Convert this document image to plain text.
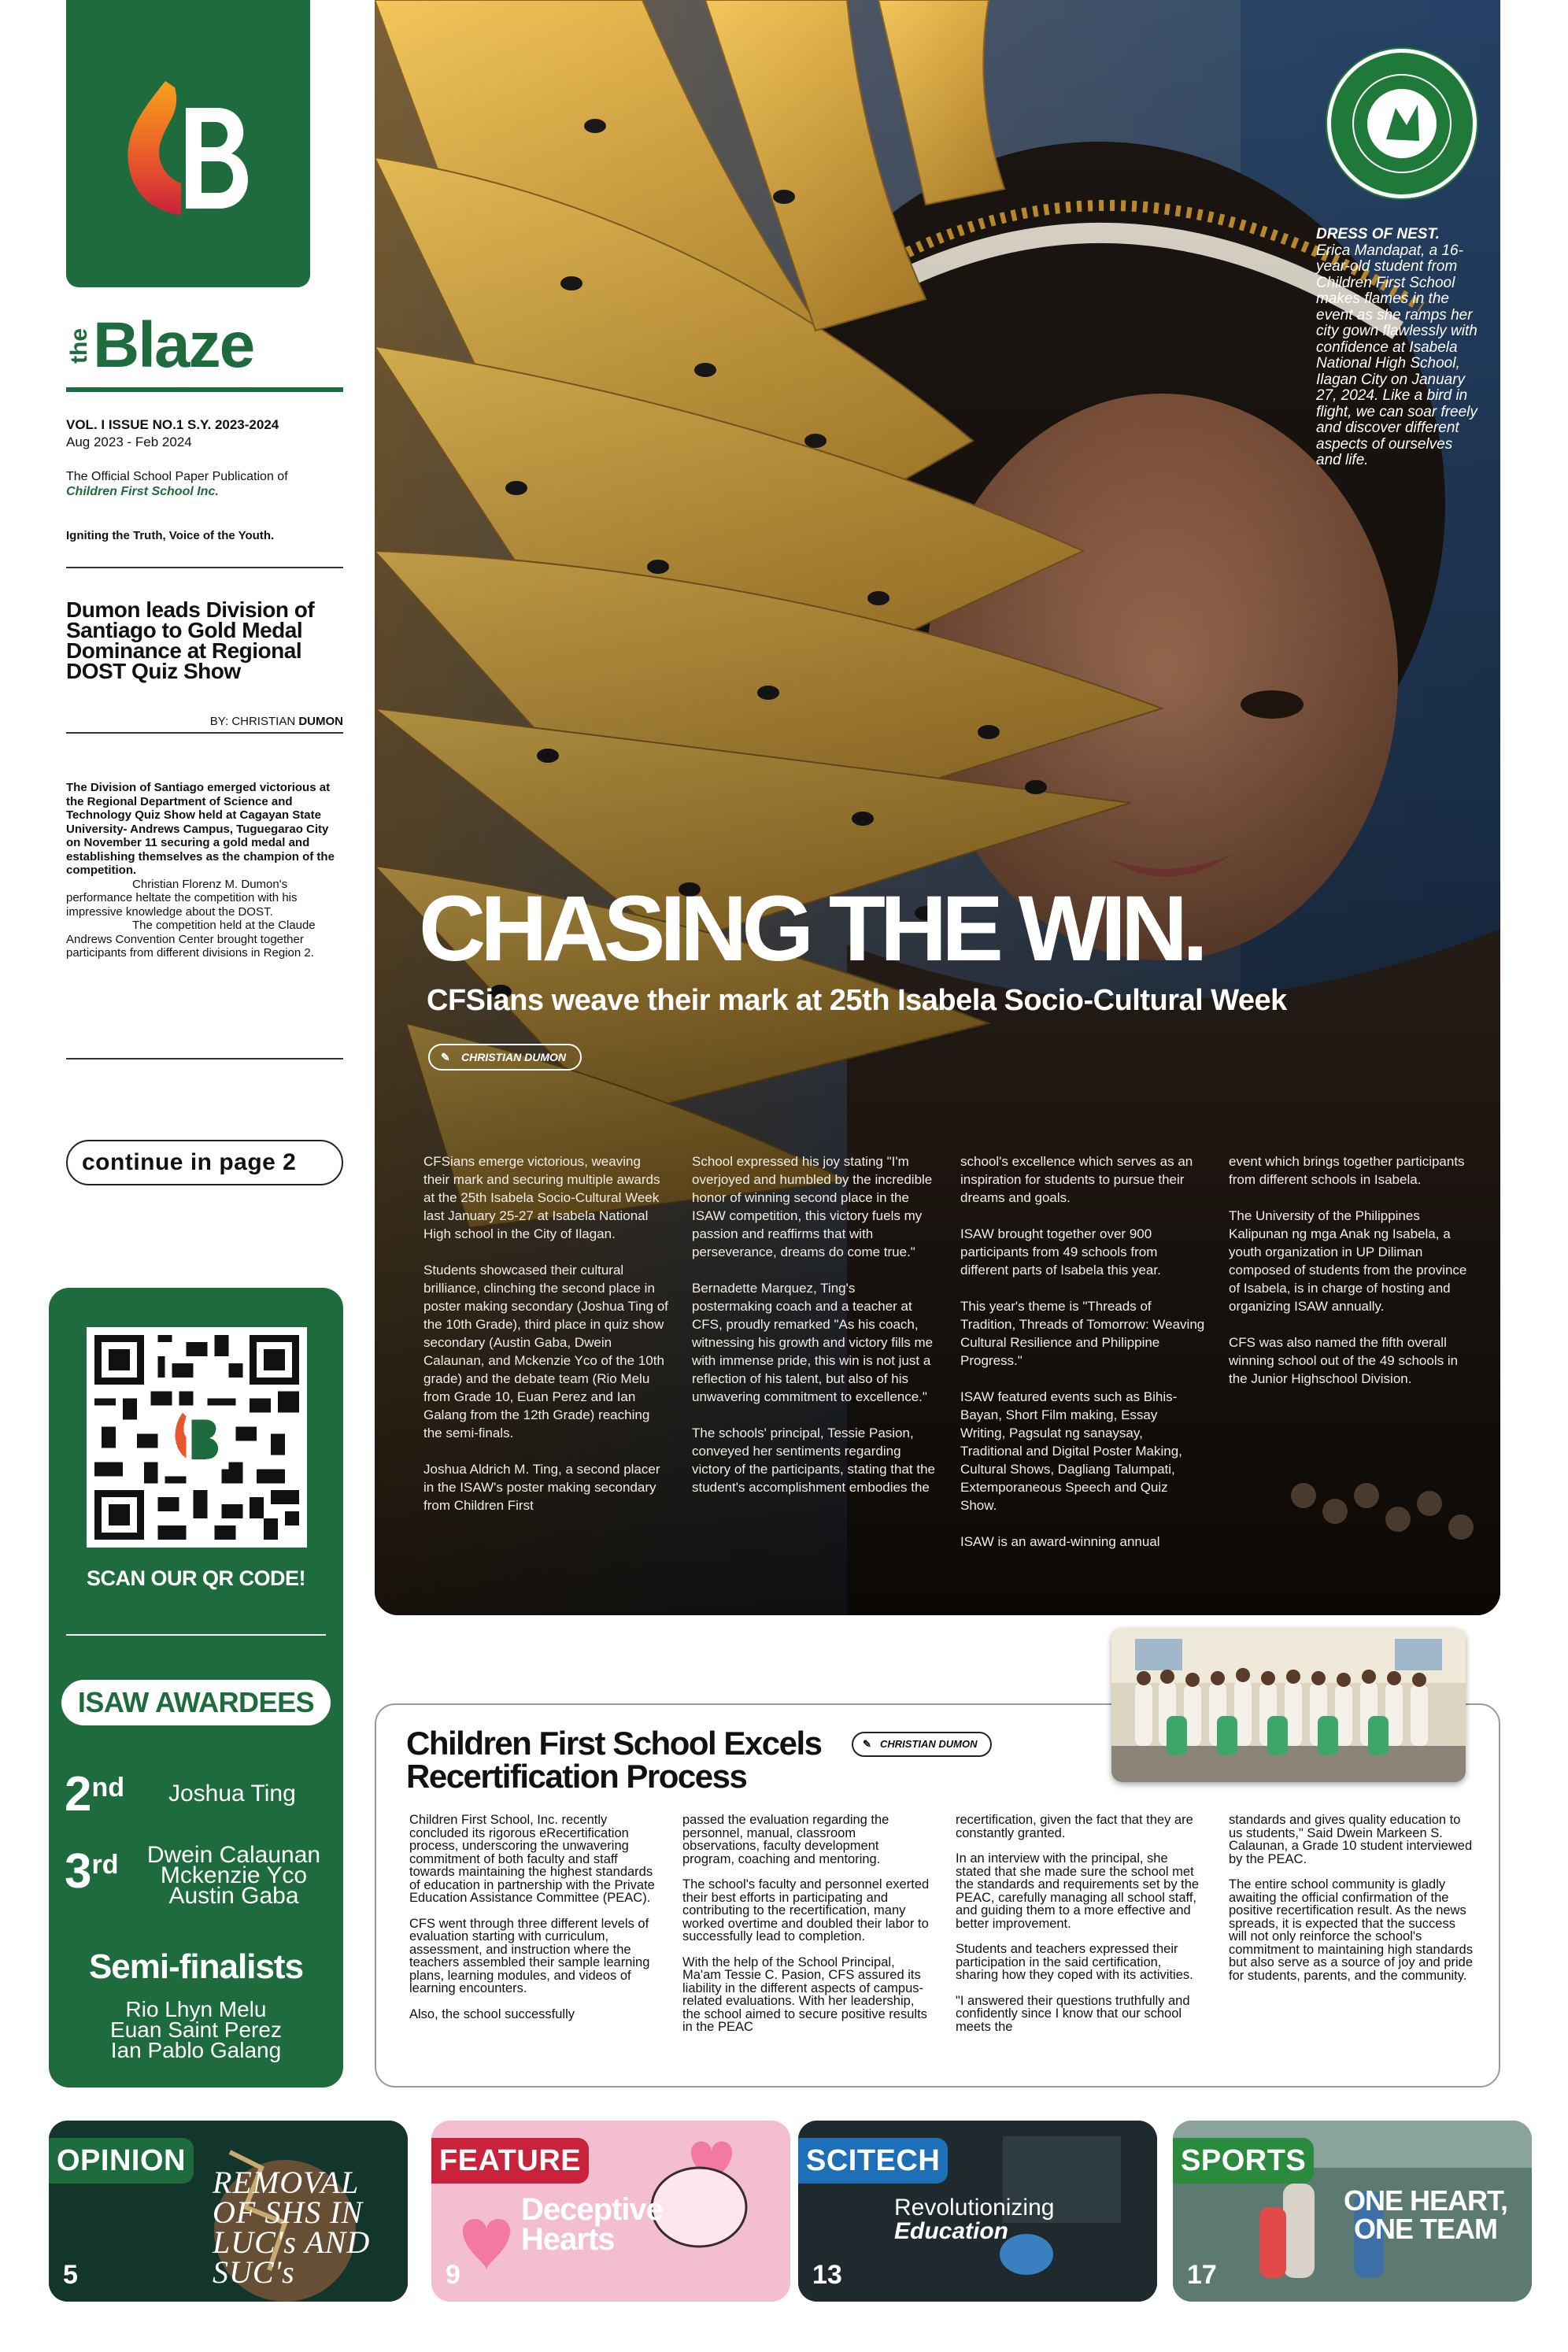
the Blaze
VOL. I ISSUE NO.1 S.Y. 2023-2024
Aug 2023 - Feb 2024
The Official School Paper Publication of Children First School Inc.
Igniting the Truth, Voice of the Youth.
Dumon leads Division of Santiago to Gold Medal Dominance at Regional DOST Quiz Show
BY: CHRISTIAN DUMON

The Division of Santiago emerged victorious at the Regional Department of Science and Technology Quiz Show held at Cagayan State University- Andrews Campus, Tuguegarao City on November 11 securing a gold medal and establishing themselves as the champion of the competition.

Christian Florenz M. Dumon's performance heltate the competition with his impressive knowledge about the DOST.

The competition held at the Claude Andrews Convention Center brought together participants from different divisions in Region 2.

continue in page 2
SCAN OUR QR CODE!
ISAW AWARDEES
2nd Joshua Ting
3rd Dwein Calaunan
Mckenzie Yco
Austin Gaba
Semi-finalists
Rio Lhyn Melu
Euan Saint Perez
Ian Pablo Galang
DRESS OF NEST.
Erica Mandapat, a 16-year-old student from Children First School makes flames in the event as she ramps her city gown flawlessly with confidence at Isabela National High School, Ilagan City on January 27, 2024. Like a bird in flight, we can soar freely and discover different aspects of ourselves and life.
CHASING THE WIN.
CFSians weave their mark at 25th Isabela Socio-Cultural Week
✎ CHRISTIAN DUMON

CFSians emerge victorious, weaving their mark and securing multiple awards at the 25th Isabela Socio-Cultural Week last January 25-27 at Isabela National High school in the City of Ilagan.

Students showcased their cultural brilliance, clinching the second place in poster making secondary (Joshua Ting of the 10th Grade), third place in quiz show secondary (Austin Gaba, Dwein Calaunan, and Mckenzie Yco of the 10th grade) and the debate team (Rio Melu from Grade 10, Euan Perez and Ian Galang from the 12th Grade) reaching the semi-finals.

Joshua Aldrich M. Ting, a second placer in the ISAW's poster making secondary from Children First

School expressed his joy stating "I'm overjoyed and humbled by the incredible honor of winning second place in the ISAW competition, this victory fuels my passion and reaffirms that with perseverance, dreams do come true."

Bernadette Marquez, Ting's postermaking coach and a teacher at CFS, proudly remarked "As his coach, witnessing his growth and victory fills me with immense pride, this win is not just a reflection of his talent, but also of his unwavering commitment to excellence."

The schools' principal, Tessie Pasion, conveyed her sentiments regarding victory of the participants, stating that the student's accomplishment embodies the

school's excellence which serves as an inspiration for students to pursue their dreams and goals.

ISAW brought together over 900 participants from 49 schools from different parts of Isabela this year.

This year's theme is "Threads of Tradition, Threads of Tomorrow: Weaving Cultural Resilience and Philippine Progress."

ISAW featured events such as Bihis-Bayan, Short Film making, Essay Writing, Pagsulat ng sanaysay, Traditional and Digital Poster Making, Cultural Shows, Dagliang Talumpati, Extemporaneous Speech and Quiz Show.

ISAW is an award-winning annual

event which brings together participants from different schools in Isabela.

The University of the Philippines Kalipunan ng mga Anak ng Isabela, a youth organization in UP Diliman composed of students from the province of Isabela, is in charge of hosting and organizing ISAW annually.

CFS was also named the fifth overall winning school out of the 49 schools in the Junior Highschool Division.

Children First School Excels
Recertification Process
✎ CHRISTIAN DUMON

Children First School, Inc. recently concluded its rigorous eRecertification process, underscoring the unwavering commitment of both faculty and staff towards maintaining the highest standards of education in partnership with the Private Education Assistance Committee (PEAC).

CFS went through three different levels of evaluation starting with curriculum, assessment, and instruction where the teachers assembled their sample learning plans, learning modules, and videos of learning encounters.

Also, the school successfully

passed the evaluation regarding the personnel, manual, classroom observations, faculty development program, coaching and mentoring.

The school's faculty and personnel exerted their best efforts in participating and contributing to the recertification, many worked overtime and doubled their labor to successfully lead to completion.

With the help of the School Principal, Ma'am Tessie C. Pasion, CFS assured its liability in the different aspects of campus-related evaluations. With her leadership, the school aimed to secure positive results in the PEAC

recertification, given the fact that they are constantly granted.

In an interview with the principal, she stated that she made sure the school met the standards and requirements set by the PEAC, carefully managing all school staff, and guiding them to a more effective and better improvement.

Students and teachers expressed their participation in the said certification, sharing how they coped with its activities.

"I answered their questions truthfully and confidently since I know that our school meets the

standards and gives quality education to us students," Said Dwein Markeen S. Calaunan, a Grade 10 student interviewed by the PEAC.

The entire school community is gladly awaiting the official confirmation of the positive recertification result. As the news spreads, it is expected that the success will not only reinforce the school's commitment to maintaining high standards but also serve as a source of joy and pride for students, parents, and the community.

OPINION
REMOVAL OF SHS IN LUC's AND SUC's
5
FEATURE
Deceptive Hearts
9
SCITECH
Revolutionizing
Education
13
SPORTS
ONE HEART,
ONE TEAM
17
